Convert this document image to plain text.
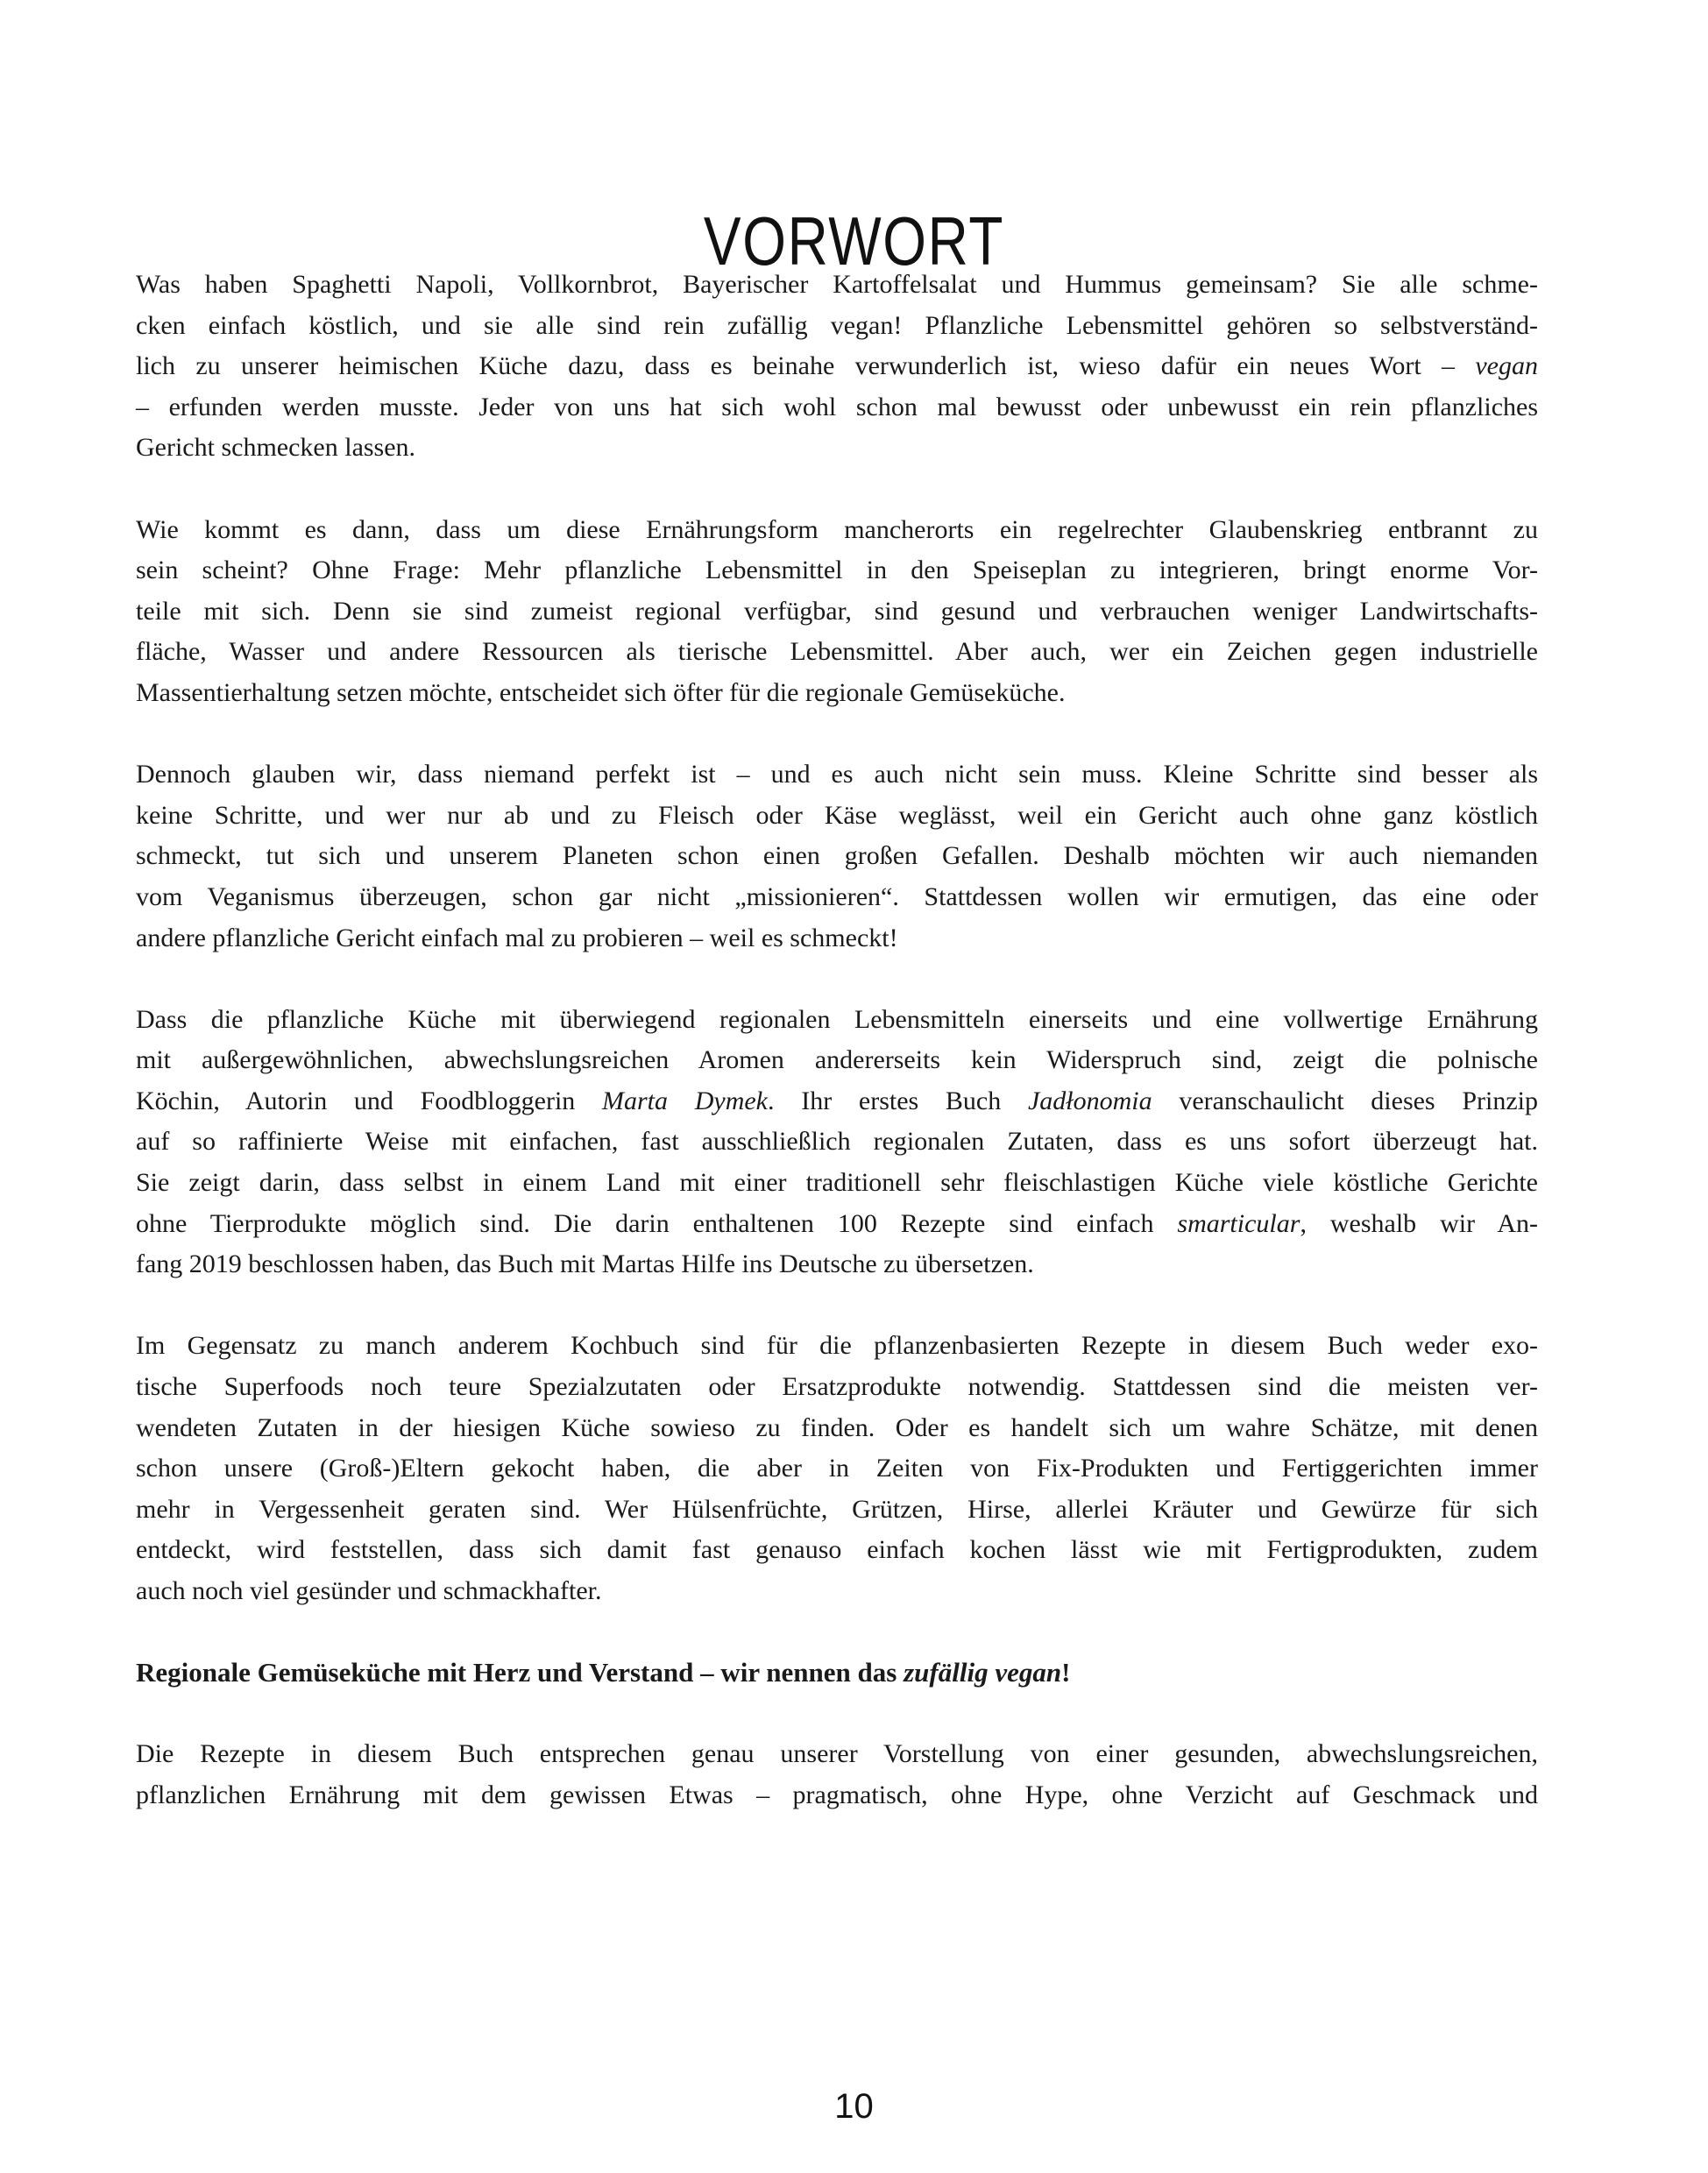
VORWORT
Was haben Spaghetti Napoli, Vollkornbrot, Bayerischer Kartoffelsalat und Hummus gemeinsam? Sie alle schme-
cken einfach köstlich, und sie alle sind rein zufällig vegan! Pflanzliche Lebensmittel gehören so selbstverständ-
lich zu unserer heimischen Küche dazu, dass es beinahe verwunderlich ist, wieso dafür ein neues Wort – vegan
– erfunden werden musste. Jeder von uns hat sich wohl schon mal bewusst oder unbewusst ein rein pflanzliches
Gericht schmecken lassen.
Wie kommt es dann, dass um diese Ernährungsform mancherorts ein regelrechter Glaubenskrieg entbrannt zu
sein scheint? Ohne Frage: Mehr pflanzliche Lebensmittel in den Speiseplan zu integrieren, bringt enorme Vor-
teile mit sich. Denn sie sind zumeist regional verfügbar, sind gesund und verbrauchen weniger Landwirtschafts-
fläche, Wasser und andere Ressourcen als tierische Lebensmittel. Aber auch, wer ein Zeichen gegen industrielle
Massentierhaltung setzen möchte, entscheidet sich öfter für die regionale Gemüseküche.
Dennoch glauben wir, dass niemand perfekt ist – und es auch nicht sein muss. Kleine Schritte sind besser als
keine Schritte, und wer nur ab und zu Fleisch oder Käse weglässt, weil ein Gericht auch ohne ganz köstlich
schmeckt, tut sich und unserem Planeten schon einen großen Gefallen. Deshalb möchten wir auch niemanden
vom Veganismus überzeugen, schon gar nicht „missionieren“. Stattdessen wollen wir ermutigen, das eine oder
andere pflanzliche Gericht einfach mal zu probieren – weil es schmeckt!
Dass die pflanzliche Küche mit überwiegend regionalen Lebensmitteln einerseits und eine vollwertige Ernährung
mit außergewöhnlichen, abwechslungsreichen Aromen andererseits kein Widerspruch sind, zeigt die polnische
Köchin, Autorin und Foodbloggerin Marta Dymek. Ihr erstes Buch Jadłonomia veranschaulicht dieses Prinzip
auf so raffinierte Weise mit einfachen, fast ausschließlich regionalen Zutaten, dass es uns sofort überzeugt hat.
Sie zeigt darin, dass selbst in einem Land mit einer traditionell sehr fleischlastigen Küche viele köstliche Gerichte
ohne Tierprodukte möglich sind. Die darin enthaltenen 100 Rezepte sind einfach smarticular, weshalb wir An-
fang 2019 beschlossen haben, das Buch mit Martas Hilfe ins Deutsche zu übersetzen.
Im Gegensatz zu manch anderem Kochbuch sind für die pflanzenbasierten Rezepte in diesem Buch weder exo-
tische Superfoods noch teure Spezialzutaten oder Ersatzprodukte notwendig. Stattdessen sind die meisten ver-
wendeten Zutaten in der hiesigen Küche sowieso zu finden. Oder es handelt sich um wahre Schätze, mit denen
schon unsere (Groß-)Eltern gekocht haben, die aber in Zeiten von Fix-Produkten und Fertiggerichten immer
mehr in Vergessenheit geraten sind. Wer Hülsenfrüchte, Grützen, Hirse, allerlei Kräuter und Gewürze für sich
entdeckt, wird feststellen, dass sich damit fast genauso einfach kochen lässt wie mit Fertigprodukten, zudem
auch noch viel gesünder und schmackhafter.
Regionale Gemüseküche mit Herz und Verstand – wir nennen das zufällig vegan!
Die Rezepte in diesem Buch entsprechen genau unserer Vorstellung von einer gesunden, abwechslungsreichen,
pflanzlichen Ernährung mit dem gewissen Etwas – pragmatisch, ohne Hype, ohne Verzicht auf Geschmack und
10
